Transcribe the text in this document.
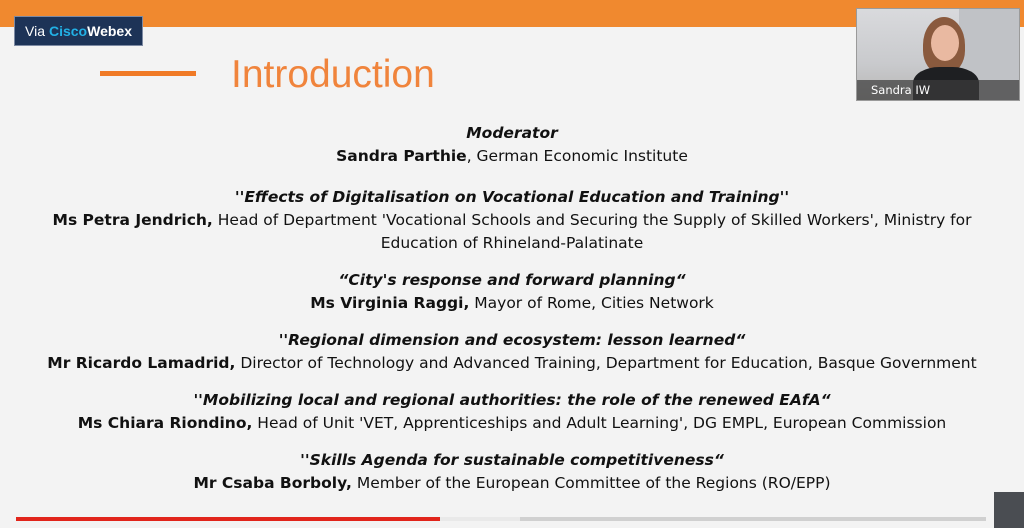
Via Cisco Webex
Introduction
Moderator
Sandra Parthie, German Economic Institute
''Effects of Digitalisation on Vocational Education and Training''
Ms Petra Jendrich, Head of Department 'Vocational Schools and Securing the Supply of Skilled Workers', Ministry for
Education of Rhineland-Palatinate
“City's response and forward planning“
Ms Virginia Raggi, Mayor of Rome, Cities Network
''Regional dimension and ecosystem: lesson learned“
Mr Ricardo Lamadrid, Director of Technology and Advanced Training, Department for Education, Basque Government
''Mobilizing local and regional authorities: the role of the renewed EAfA“
Ms Chiara Riondino, Head of Unit 'VET, Apprenticeships and Adult Learning', DG EMPL, European Commission
''Skills Agenda for sustainable competitiveness“
Mr Csaba Borboly, Member of the European Committee of the Regions (RO/EPP)
Sandra IW
